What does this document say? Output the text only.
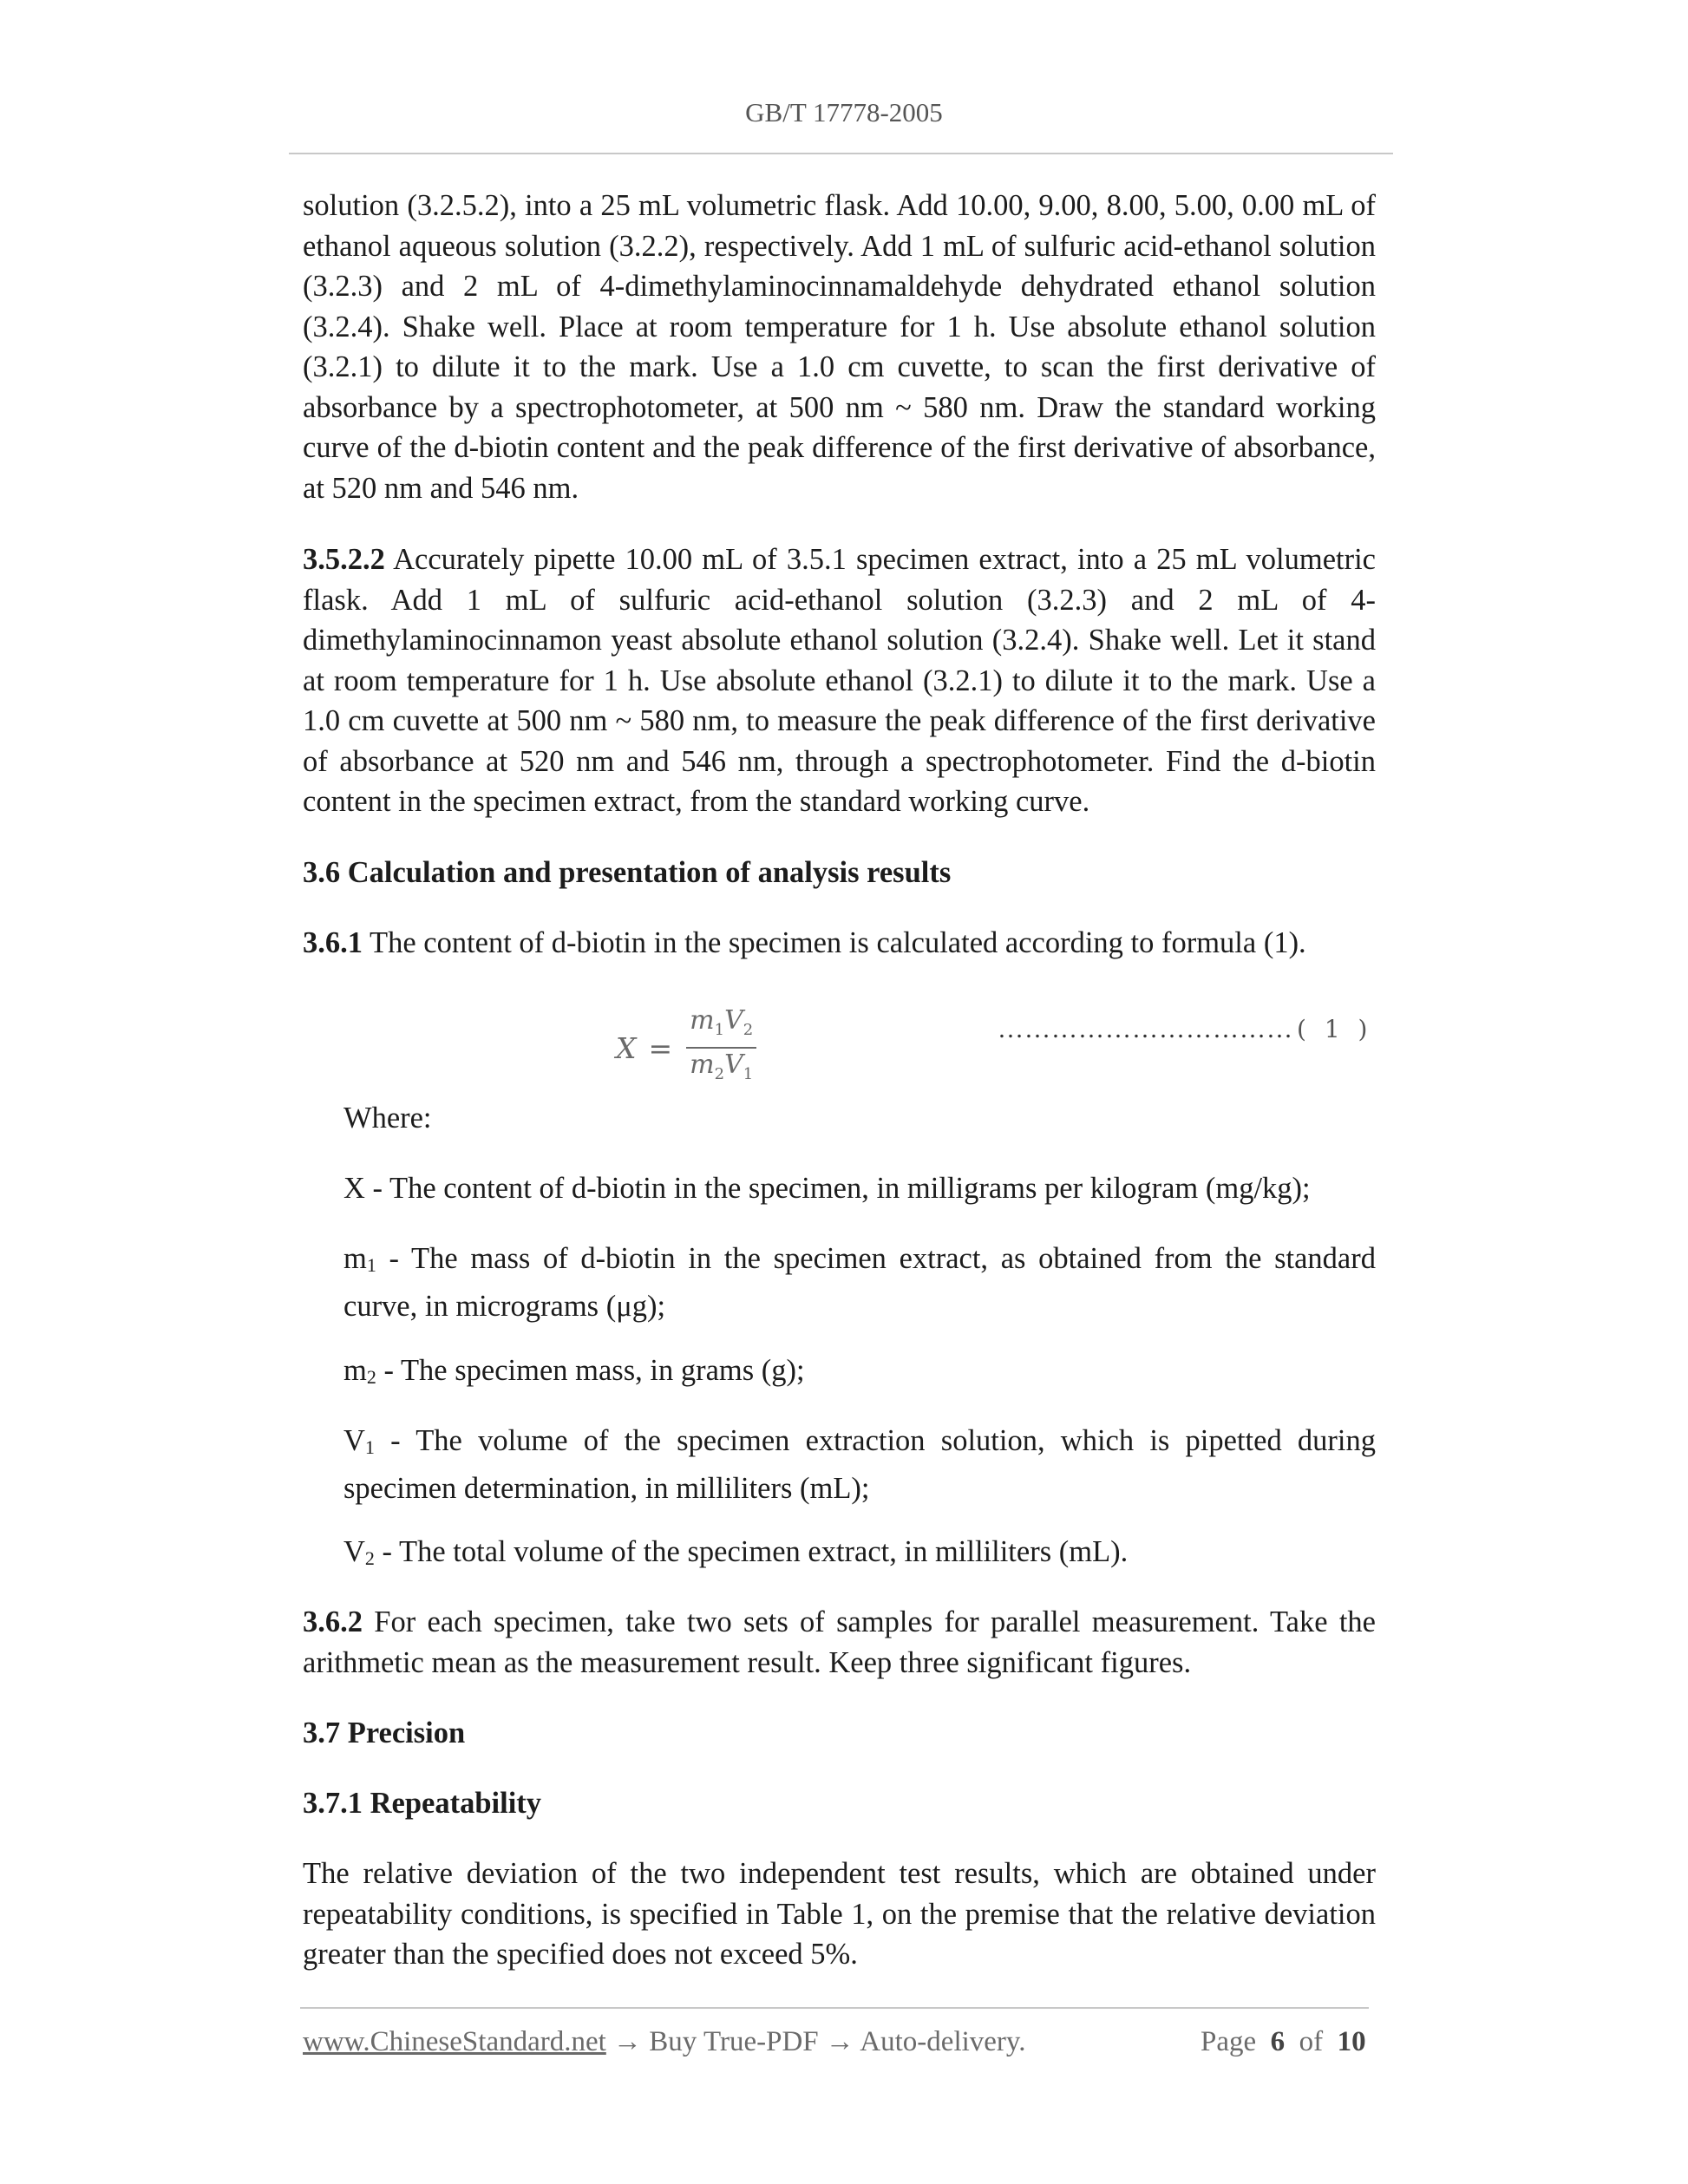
GB/T 17778-2005

solution (3.2.5.2), into a 25 mL volumetric flask. Add 10.00, 9.00, 8.00, 5.00, 0.00 mL of ethanol aqueous solution (3.2.2), respectively. Add 1 mL of sulfuric acid-ethanol solution (3.2.3) and 2 mL of 4-dimethylaminocinnamaldehyde dehydrated ethanol solution (3.2.4). Shake well. Place at room temperature for 1 h. Use absolute ethanol solution (3.2.1) to dilute it to the mark. Use a 1.0 cm cuvette, to scan the first derivative of absorbance by a spectrophotometer, at 500 nm ~ 580 nm. Draw the standard working curve of the d-biotin content and the peak difference of the first derivative of absorbance, at 520 nm and 546 nm.

3.5.2.2 Accurately pipette 10.00 mL of 3.5.1 specimen extract, into a 25 mL volumetric flask. Add 1 mL of sulfuric acid-ethanol solution (3.2.3) and 2 mL of 4-dimethylaminocinnamon yeast absolute ethanol solution (3.2.4). Shake well. Let it stand at room temperature for 1 h. Use absolute ethanol (3.2.1) to dilute it to the mark. Use a 1.0 cm cuvette at 500 nm ~ 580 nm, to measure the peak difference of the first derivative of absorbance at 520 nm and 546 nm, through a spectrophotometer. Find the d-biotin content in the specimen extract, from the standard working curve.

3.6 Calculation and presentation of analysis results

3.6.1 The content of d-biotin in the specimen is calculated according to formula (1).

$X = \frac{m_1V_2}{m_2V_1}$	…………………………… ( 1 )

Where:

X - The content of d-biotin in the specimen, in milligrams per kilogram (mg/kg);

m1 - The mass of d-biotin in the specimen extract, as obtained from the standard curve, in micrograms (μg);

m2 - The specimen mass, in grams (g);

V1 - The volume of the specimen extraction solution, which is pipetted during specimen determination, in milliliters (mL);

V2 - The total volume of the specimen extract, in milliliters (mL).

3.6.2 For each specimen, take two sets of samples for parallel measurement. Take the arithmetic mean as the measurement result. Keep three significant figures.

3.7 Precision

3.7.1 Repeatability

The relative deviation of the two independent test results, which are obtained under repeatability conditions, is specified in Table 1, on the premise that the relative deviation greater than the specified does not exceed 5%.

www.ChineseStandard.net → Buy True-PDF → Auto-delivery.	Page 6 of 10
